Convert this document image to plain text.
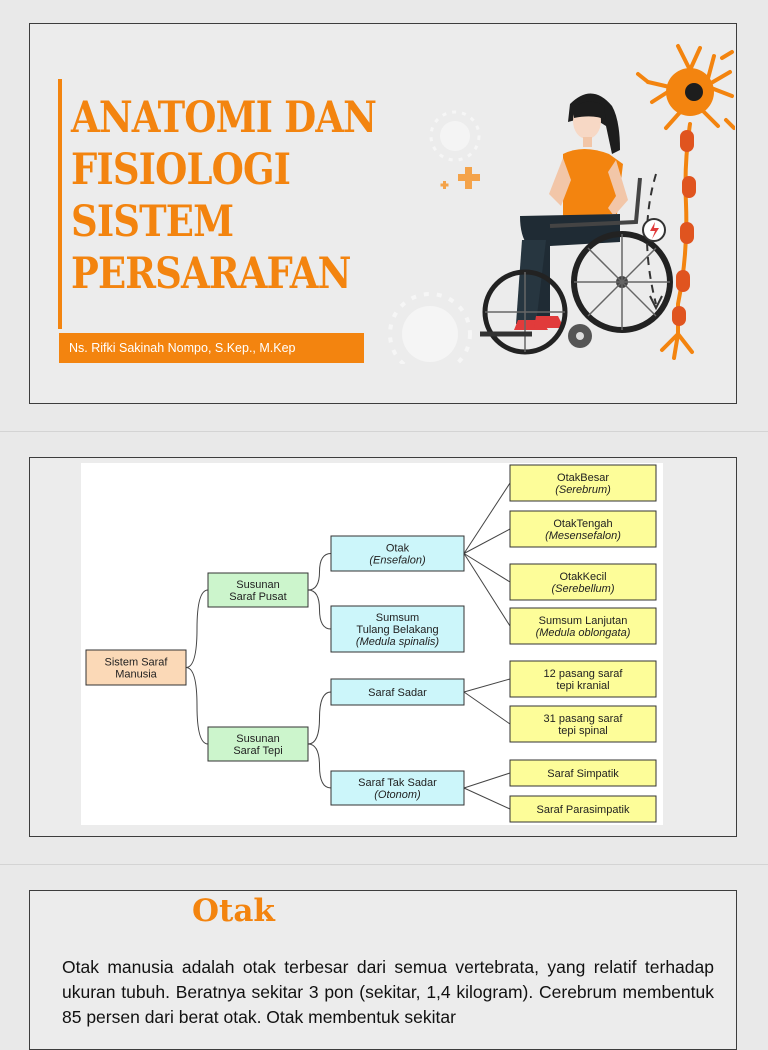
ANATOMI DAN
FISIOLOGI
SISTEM
PERSARAFAN
Ns. Rifki Sakinah Nompo, S.Kep., M.Kep
Sistem Saraf
Manusia
Susunan
Saraf Pusat
Susunan
Saraf Tepi
Otak
(Ensefalon)
Sumsum
Tulang Belakang
(Medula spinalis)
Saraf Sadar
Saraf Tak Sadar
(Otonom)
OtakBesar
(Serebrum)
OtakTengah
(Mesensefalon)
OtakKecil
(Serebellum)
Sumsum Lanjutan
(Medula oblongata)
12 pasang saraf
tepi kranial
31 pasang saraf
tepi spinal
Saraf Simpatik
Saraf Parasimpatik
Otak

Otak manusia adalah otak terbesar dari semua vertebrata, yang relatif terhadap ukuran tubuh. Beratnya sekitar 3 pon (sekitar, 1,4 kilogram). Cerebrum membentuk 85 persen dari berat otak. Otak membentuk sekitar
